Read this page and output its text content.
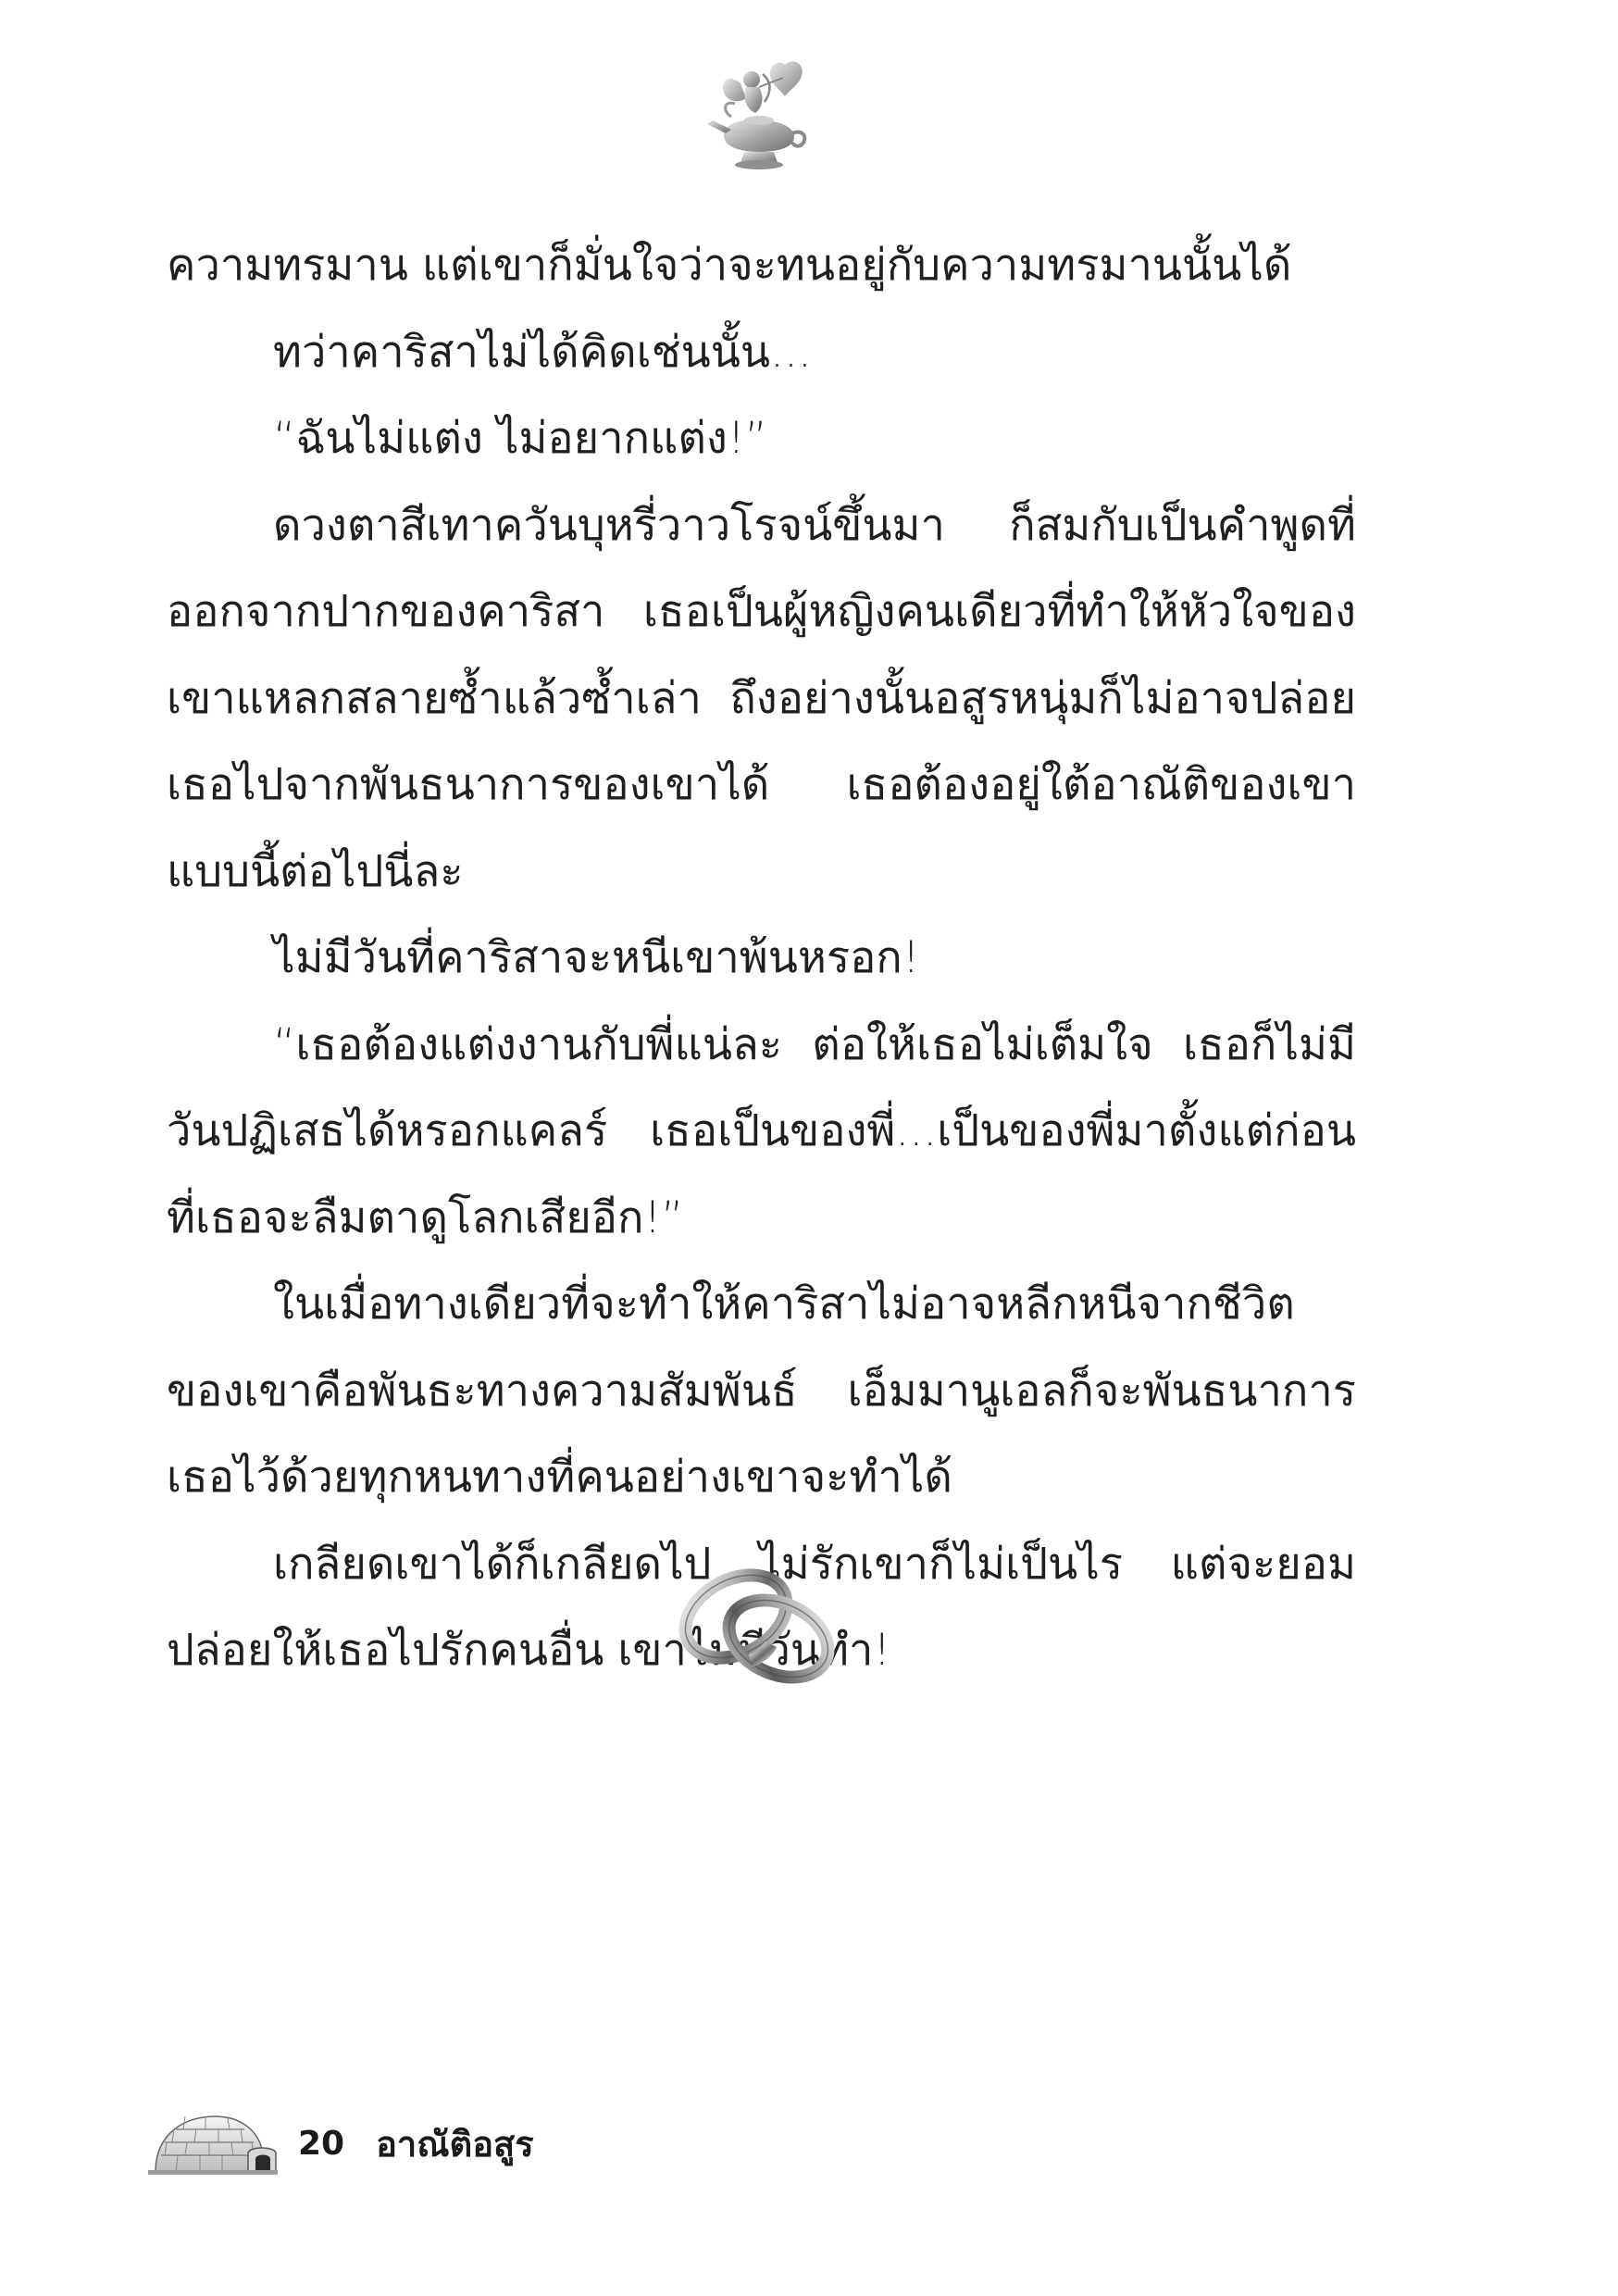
ความทรมาน แต่เขาก็มั่นใจว่าจะทนอยู่กับความทรมานนั้นได้

ทว่าคาริสาไม่ได้คิดเช่นนั้น...

“ฉันไม่แต่ง ไม่อยากแต่ง!”

ดวงตาสีเทาควันบุหรี่วาวโรจน์ขึ้นมา ก็สมกับเป็นคำพูดที่ออกจากปากของคาริสา เธอเป็นผู้หญิงคนเดียวที่ทำให้หัวใจของเขาแหลกสลายซ้ำแล้วซ้ำเล่า ถึงอย่างนั้นอสูรหนุ่มก็ไม่อาจปล่อยเธอไปจากพันธนาการของเขาได้ เธอต้องอยู่ใต้อาณัติของเขาแบบนี้ต่อไปนี่ละ

ไม่มีวันที่คาริสาจะหนีเขาพ้นหรอก!

“เธอต้องแต่งงานกับพี่แน่ละ ต่อให้เธอไม่เต็มใจ เธอก็ไม่มีวันปฏิเสธได้หรอกแคลร์ เธอเป็นของพี่...เป็นของพี่มาตั้งแต่ก่อนที่เธอจะลืมตาดูโลกเสียอีก!”

ในเมื่อทางเดียวที่จะทำให้คาริสาไม่อาจหลีกหนีจากชีวิตของเขาคือพันธะทางความสัมพันธ์ เอ็มมานูเอลก็จะพันธนาการเธอไว้ด้วยทุกหนทางที่คนอย่างเขาจะทำได้

เกลียดเขาได้ก็เกลียดไป ไม่รักเขาก็ไม่เป็นไร แต่จะยอมปล่อยให้เธอไปรักคนอื่น เขาไม่มีวันทำ!

20 อาณัติอสูร
